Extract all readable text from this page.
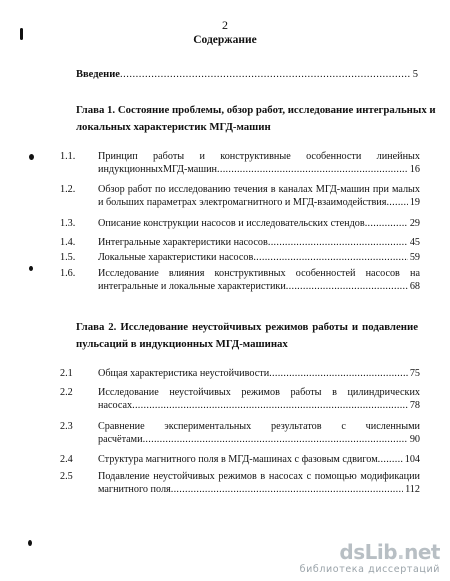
2
Содержание
Введение .....	5
Глава 1. Состояние проблемы, обзор работ, исследование интегральных и
локальных характеристик МГД-машин
1.1.	Принцип работы и конструктивные особенности линейных
индукционныхМГД-машин .....	16
1.2.	Обзор работ по исследованию течения в каналах МГД-машин при малых
и больших параметрах электромагнитного и МГД-взаимодействия ..... 19
1.3.	Описание конструкции насосов и исследовательских стендов .....	29
1.4.	Интегральные характеристики насосов .....	45
1.5.	Локальные характеристики насосов .....	59
1.6.	Исследование влияния конструктивных особенностей насосов на
интегральные и локальные характеристики .....	68
Глава 2. Исследование неустойчивых режимов работы и подавление
пульсаций в индукционных МГД-машинах
2.1	Общая характеристика неустойчивости .....	75
2.2	Исследование неустойчивых режимов работы в цилиндрических
насосах .....	78
2.3	Сравнение экспериментальных результатов с численными
расчётами .....	90
2.4	Структура магнитного поля в МГД-машинах с фазовым сдвигом .....	104
2.5	Подавление неустойчивых режимов в насосах с помощью модификации
магнитного поля .....	112
dsLib.net
библиотека диссертаций
